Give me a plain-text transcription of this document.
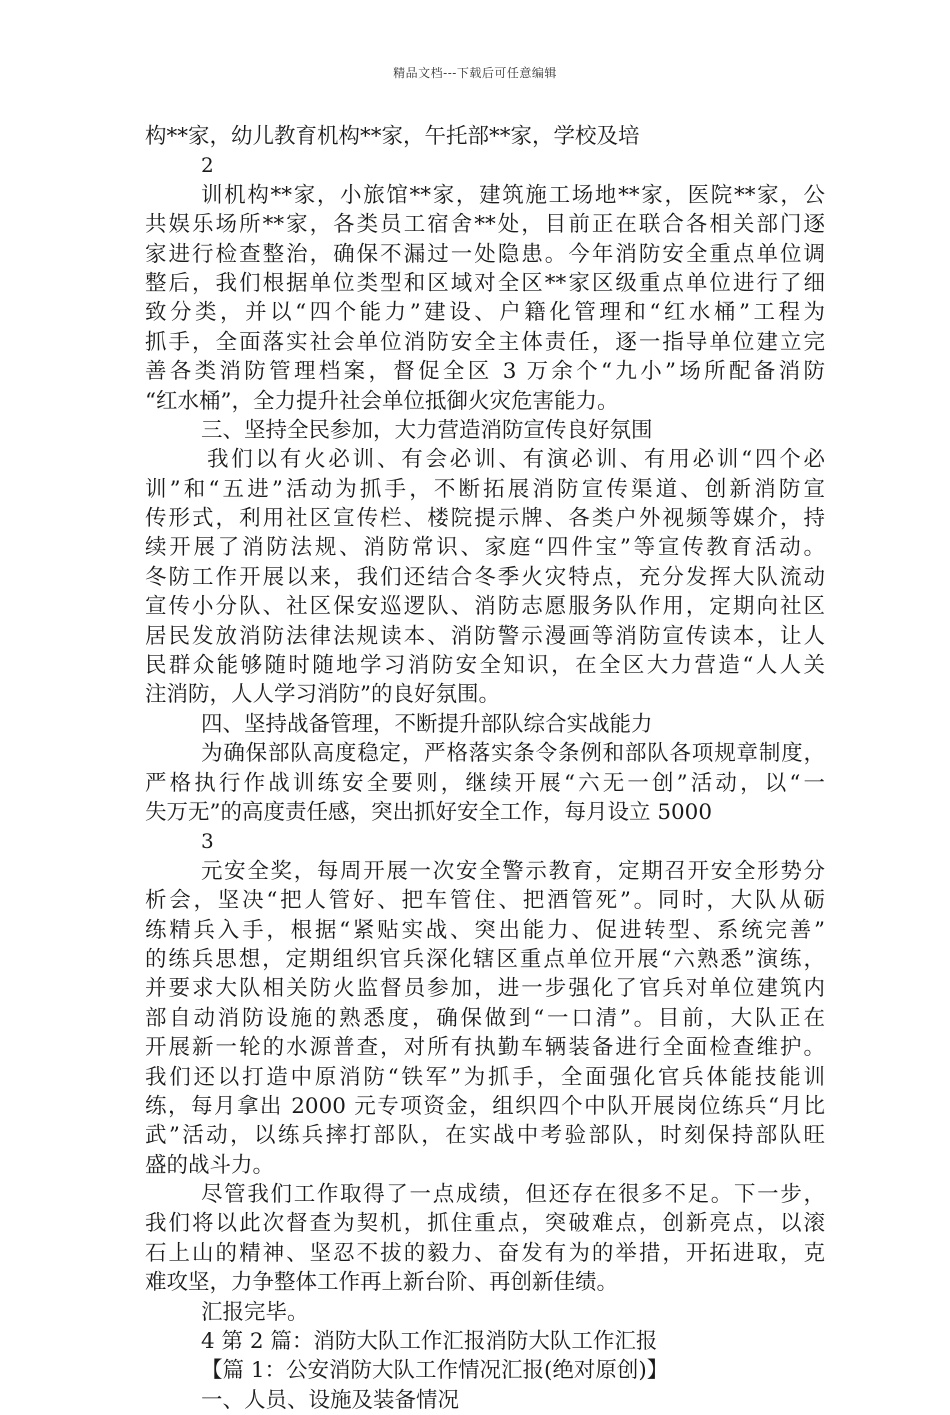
精品文档---下载后可任意编辑
构**家，幼儿教育机构**家，午托部**家，学校及培
2
训机构**家，小旅馆**家，建筑施工场地**家，医院**家，公
共娱乐场所**家，各类员工宿舍**处，目前正在联合各相关部门逐
家进行检查整治，确保不漏过一处隐患。今年消防安全重点单位调
整后，我们根据单位类型和区域对全区**家区级重点单位进行了细
致分类，并以“四个能力”建设、户籍化管理和“红水桶”工程为
抓手，全面落实社会单位消防安全主体责任，逐一指导单位建立完
善各类消防管理档案，督促全区 3 万余个“九小”场所配备消防
“红水桶”，全力提升社会单位抵御火灾危害能力。
三、坚持全民参加，大力营造消防宣传良好氛围
我们以有火必训、有会必训、有演必训、有用必训“四个必
训”和“五进”活动为抓手，不断拓展消防宣传渠道、创新消防宣
传形式，利用社区宣传栏、楼院提示牌、各类户外视频等媒介，持
续开展了消防法规、消防常识、家庭“四件宝”等宣传教育活动。
冬防工作开展以来，我们还结合冬季火灾特点，充分发挥大队流动
宣传小分队、社区保安巡逻队、消防志愿服务队作用，定期向社区
居民发放消防法律法规读本、消防警示漫画等消防宣传读本，让人
民群众能够随时随地学习消防安全知识，在全区大力营造“人人关
注消防，人人学习消防”的良好氛围。
四、坚持战备管理，不断提升部队综合实战能力
为确保部队高度稳定，严格落实条令条例和部队各项规章制度，
严格执行作战训练安全要则，继续开展“六无一创”活动，以“一
失万无”的高度责任感，突出抓好安全工作，每月设立 5000
3
元安全奖，每周开展一次安全警示教育，定期召开安全形势分
析会，坚决“把人管好、把车管住、把酒管死”。同时，大队从砺
练精兵入手，根据“紧贴实战、突出能力、促进转型、系统完善”
的练兵思想，定期组织官兵深化辖区重点单位开展“六熟悉”演练，
并要求大队相关防火监督员参加，进一步强化了官兵对单位建筑内
部自动消防设施的熟悉度，确保做到“一口清”。目前，大队正在
开展新一轮的水源普查，对所有执勤车辆装备进行全面检查维护。
我们还以打造中原消防“铁军”为抓手，全面强化官兵体能技能训
练，每月拿出 2000 元专项资金，组织四个中队开展岗位练兵“月比
武”活动，以练兵摔打部队，在实战中考验部队，时刻保持部队旺
盛的战斗力。
尽管我们工作取得了一点成绩，但还存在很多不足。下一步，
我们将以此次督查为契机，抓住重点，突破难点，创新亮点，以滚
石上山的精神、坚忍不拔的毅力、奋发有为的举措，开拓进取，克
难攻坚，力争整体工作再上新台阶、再创新佳绩。
汇报完毕。
4 第 2 篇：消防大队工作汇报消防大队工作汇报
【篇 1：公安消防大队工作情况汇报(绝对原创)】
一、人员、设施及装备情况
